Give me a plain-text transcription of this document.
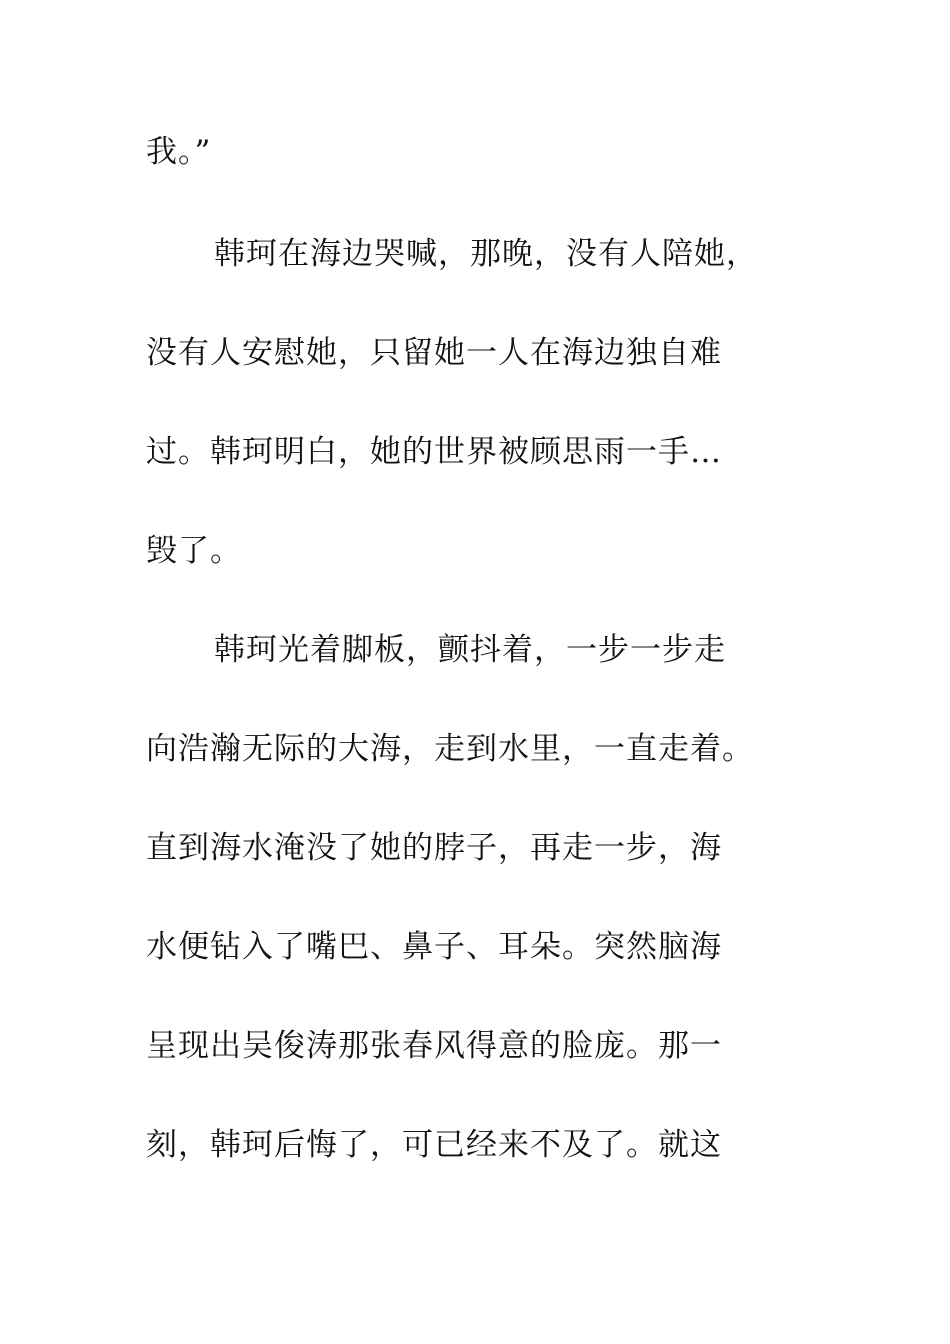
我。”
韩珂在海边哭喊，那晚，没有人陪她，
没有人安慰她，只留她一人在海边独自难
过。韩珂明白，她的世界被顾思雨一手…
毁了。
韩珂光着脚板，颤抖着，一步一步走
向浩瀚无际的大海，走到水里，一直走着。
直到海水淹没了她的脖子，再走一步，海
水便钻入了嘴巴、鼻子、耳朵。突然脑海
呈现出吴俊涛那张春风得意的脸庞。那一
刻，韩珂后悔了，可已经来不及了。就这
